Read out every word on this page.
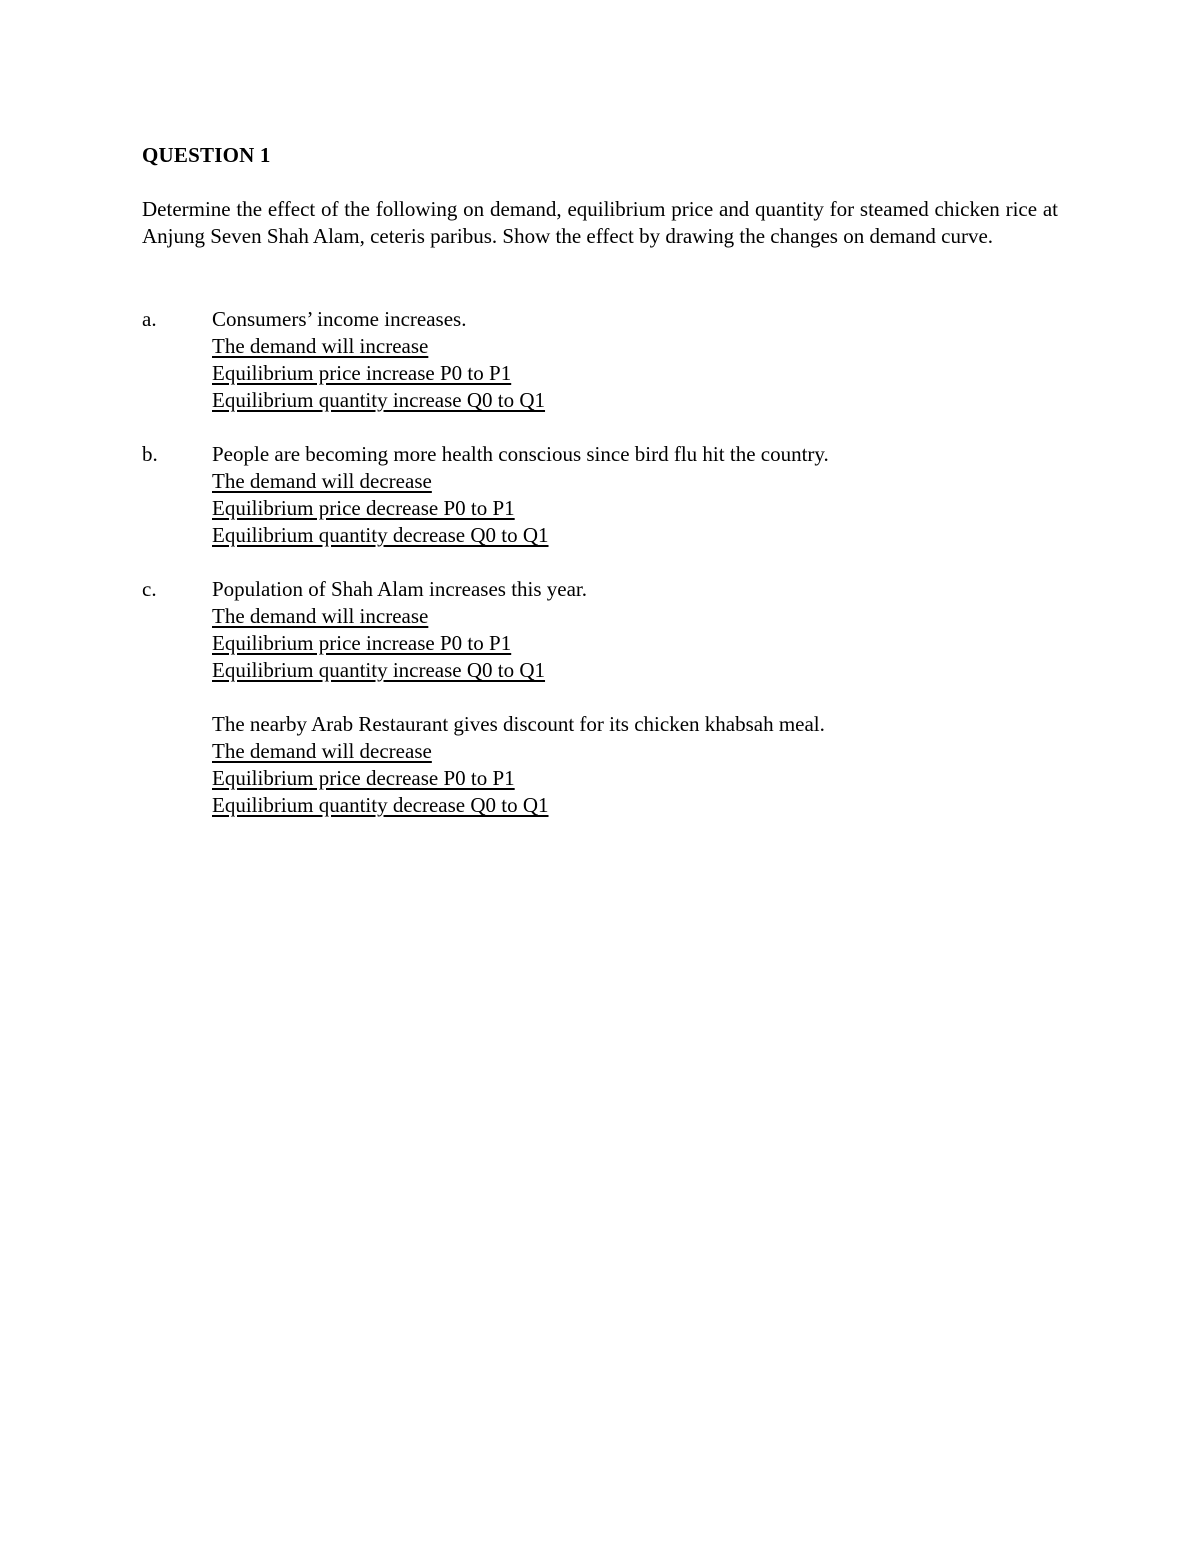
QUESTION 1

Determine the effect of the following on demand, equilibrium price and quantity for steamed chicken rice at Anjung Seven Shah Alam, ceteris paribus. Show the effect by drawing the changes on demand curve.

a.	Consumers’ income increases.
The demand will increase
Equilibrium price increase P0 to P1
Equilibrium quantity increase Q0 to Q1
b.	People are becoming more health conscious since bird flu hit the country.
The demand will decrease
Equilibrium price decrease P0 to P1
Equilibrium quantity decrease Q0 to Q1
c.	Population of Shah Alam increases this year.
The demand will increase
Equilibrium price increase P0 to P1
Equilibrium quantity increase Q0 to Q1
The nearby Arab Restaurant gives discount for its chicken khabsah meal.
The demand will decrease
Equilibrium price decrease P0 to P1
Equilibrium quantity decrease Q0 to Q1
